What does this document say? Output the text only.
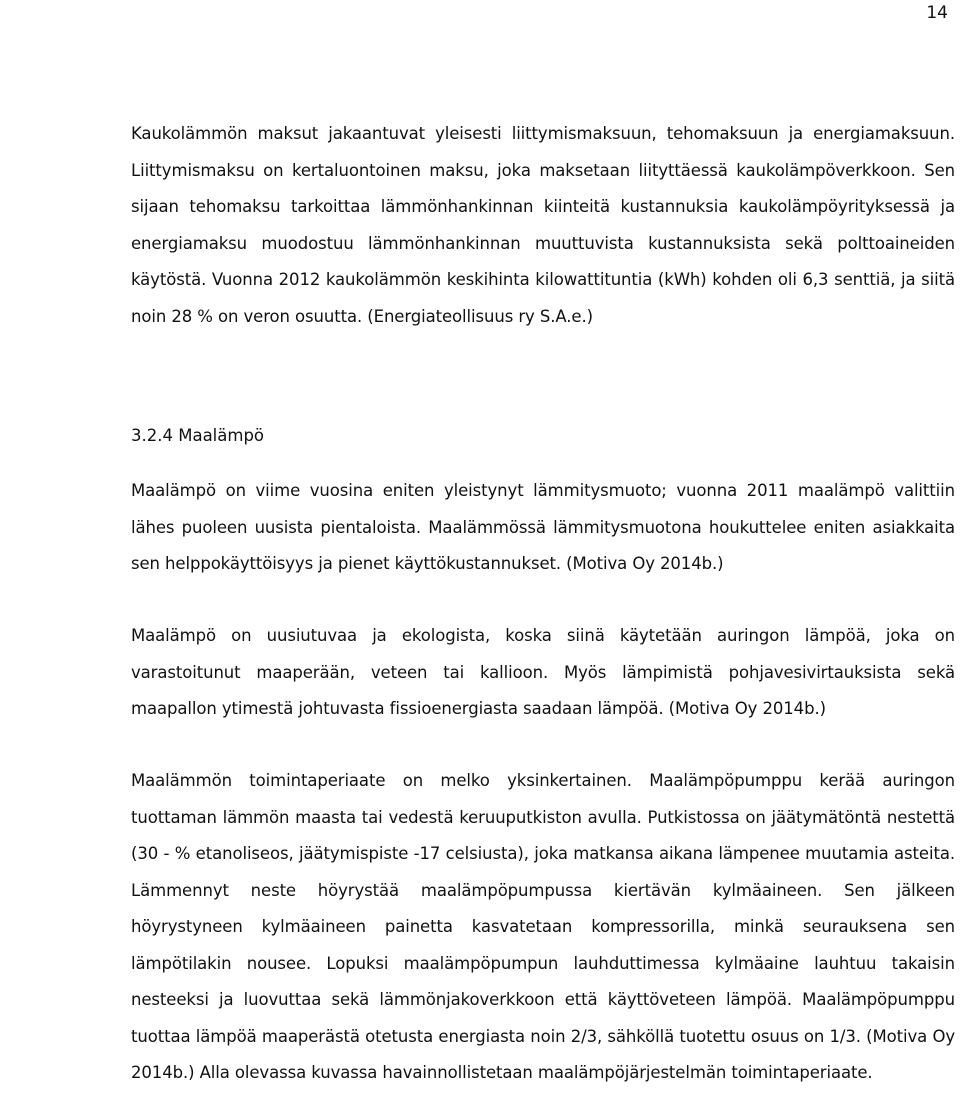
14

Kaukolämmön maksut jakaantuvat yleisesti liittymismaksuun, tehomaksuun ja energiamaksuun. Liittymismaksu on kertaluontoinen maksu, joka maksetaan liityttäessä kaukolämpöverkkoon. Sen sijaan tehomaksu tarkoittaa lämmönhankinnan kiinteitä kustannuksia kaukolämpöyrityksessä ja energiamaksu muodostuu lämmönhankinnan muuttuvista kustannuksista sekä polttoaineiden käytöstä. Vuonna 2012 kaukolämmön keskihinta kilowattituntia (kWh) kohden oli 6,3 senttiä, ja siitä noin 28 % on veron osuutta. (Energiateollisuus ry S.A.e.)

3.2.4 Maalämpö

Maalämpö on viime vuosina eniten yleistynyt lämmitysmuoto; vuonna 2011 maalämpö valittiin lähes puoleen uusista pientaloista. Maalämmössä lämmitysmuotona houkuttelee eniten asiakkaita sen helppokäyttöisyys ja pienet käyttökustannukset. (Motiva Oy 2014b.)

Maalämpö on uusiutuvaa ja ekologista, koska siinä käytetään auringon lämpöä, joka on varastoitunut maaperään, veteen tai kallioon. Myös lämpimistä pohjavesivirtauksista sekä maapallon ytimestä johtuvasta fissioenergiasta saadaan lämpöä. (Motiva Oy 2014b.)

Maalämmön toimintaperiaate on melko yksinkertainen. Maalämpöpumppu kerää auringon tuottaman lämmön maasta tai vedestä keruuputkiston avulla. Putkistossa on jäätymätöntä nestettä (30 - % etanoliseos, jäätymispiste -17 celsiusta), joka matkansa aikana lämpenee muutamia asteita. Lämmennyt neste höyrystää maalämpöpumpussa kiertävän kylmäaineen. Sen jälkeen höyrystyneen kylmäaineen painetta kasvatetaan kompressorilla, minkä seurauksena sen lämpötilakin nousee. Lopuksi maalämpöpumpun lauhduttimessa kylmäaine lauhtuu takaisin nesteeksi ja luovuttaa sekä lämmönjakoverkkoon että käyttöveteen lämpöä. Maalämpöpumppu tuottaa lämpöä maaperästä otetusta energiasta noin 2/3, sähköllä tuotettu osuus on 1/3. (Motiva Oy 2014b.) Alla olevassa kuvassa havainnollistetaan maalämpöjärjestelmän toimintaperiaate.
